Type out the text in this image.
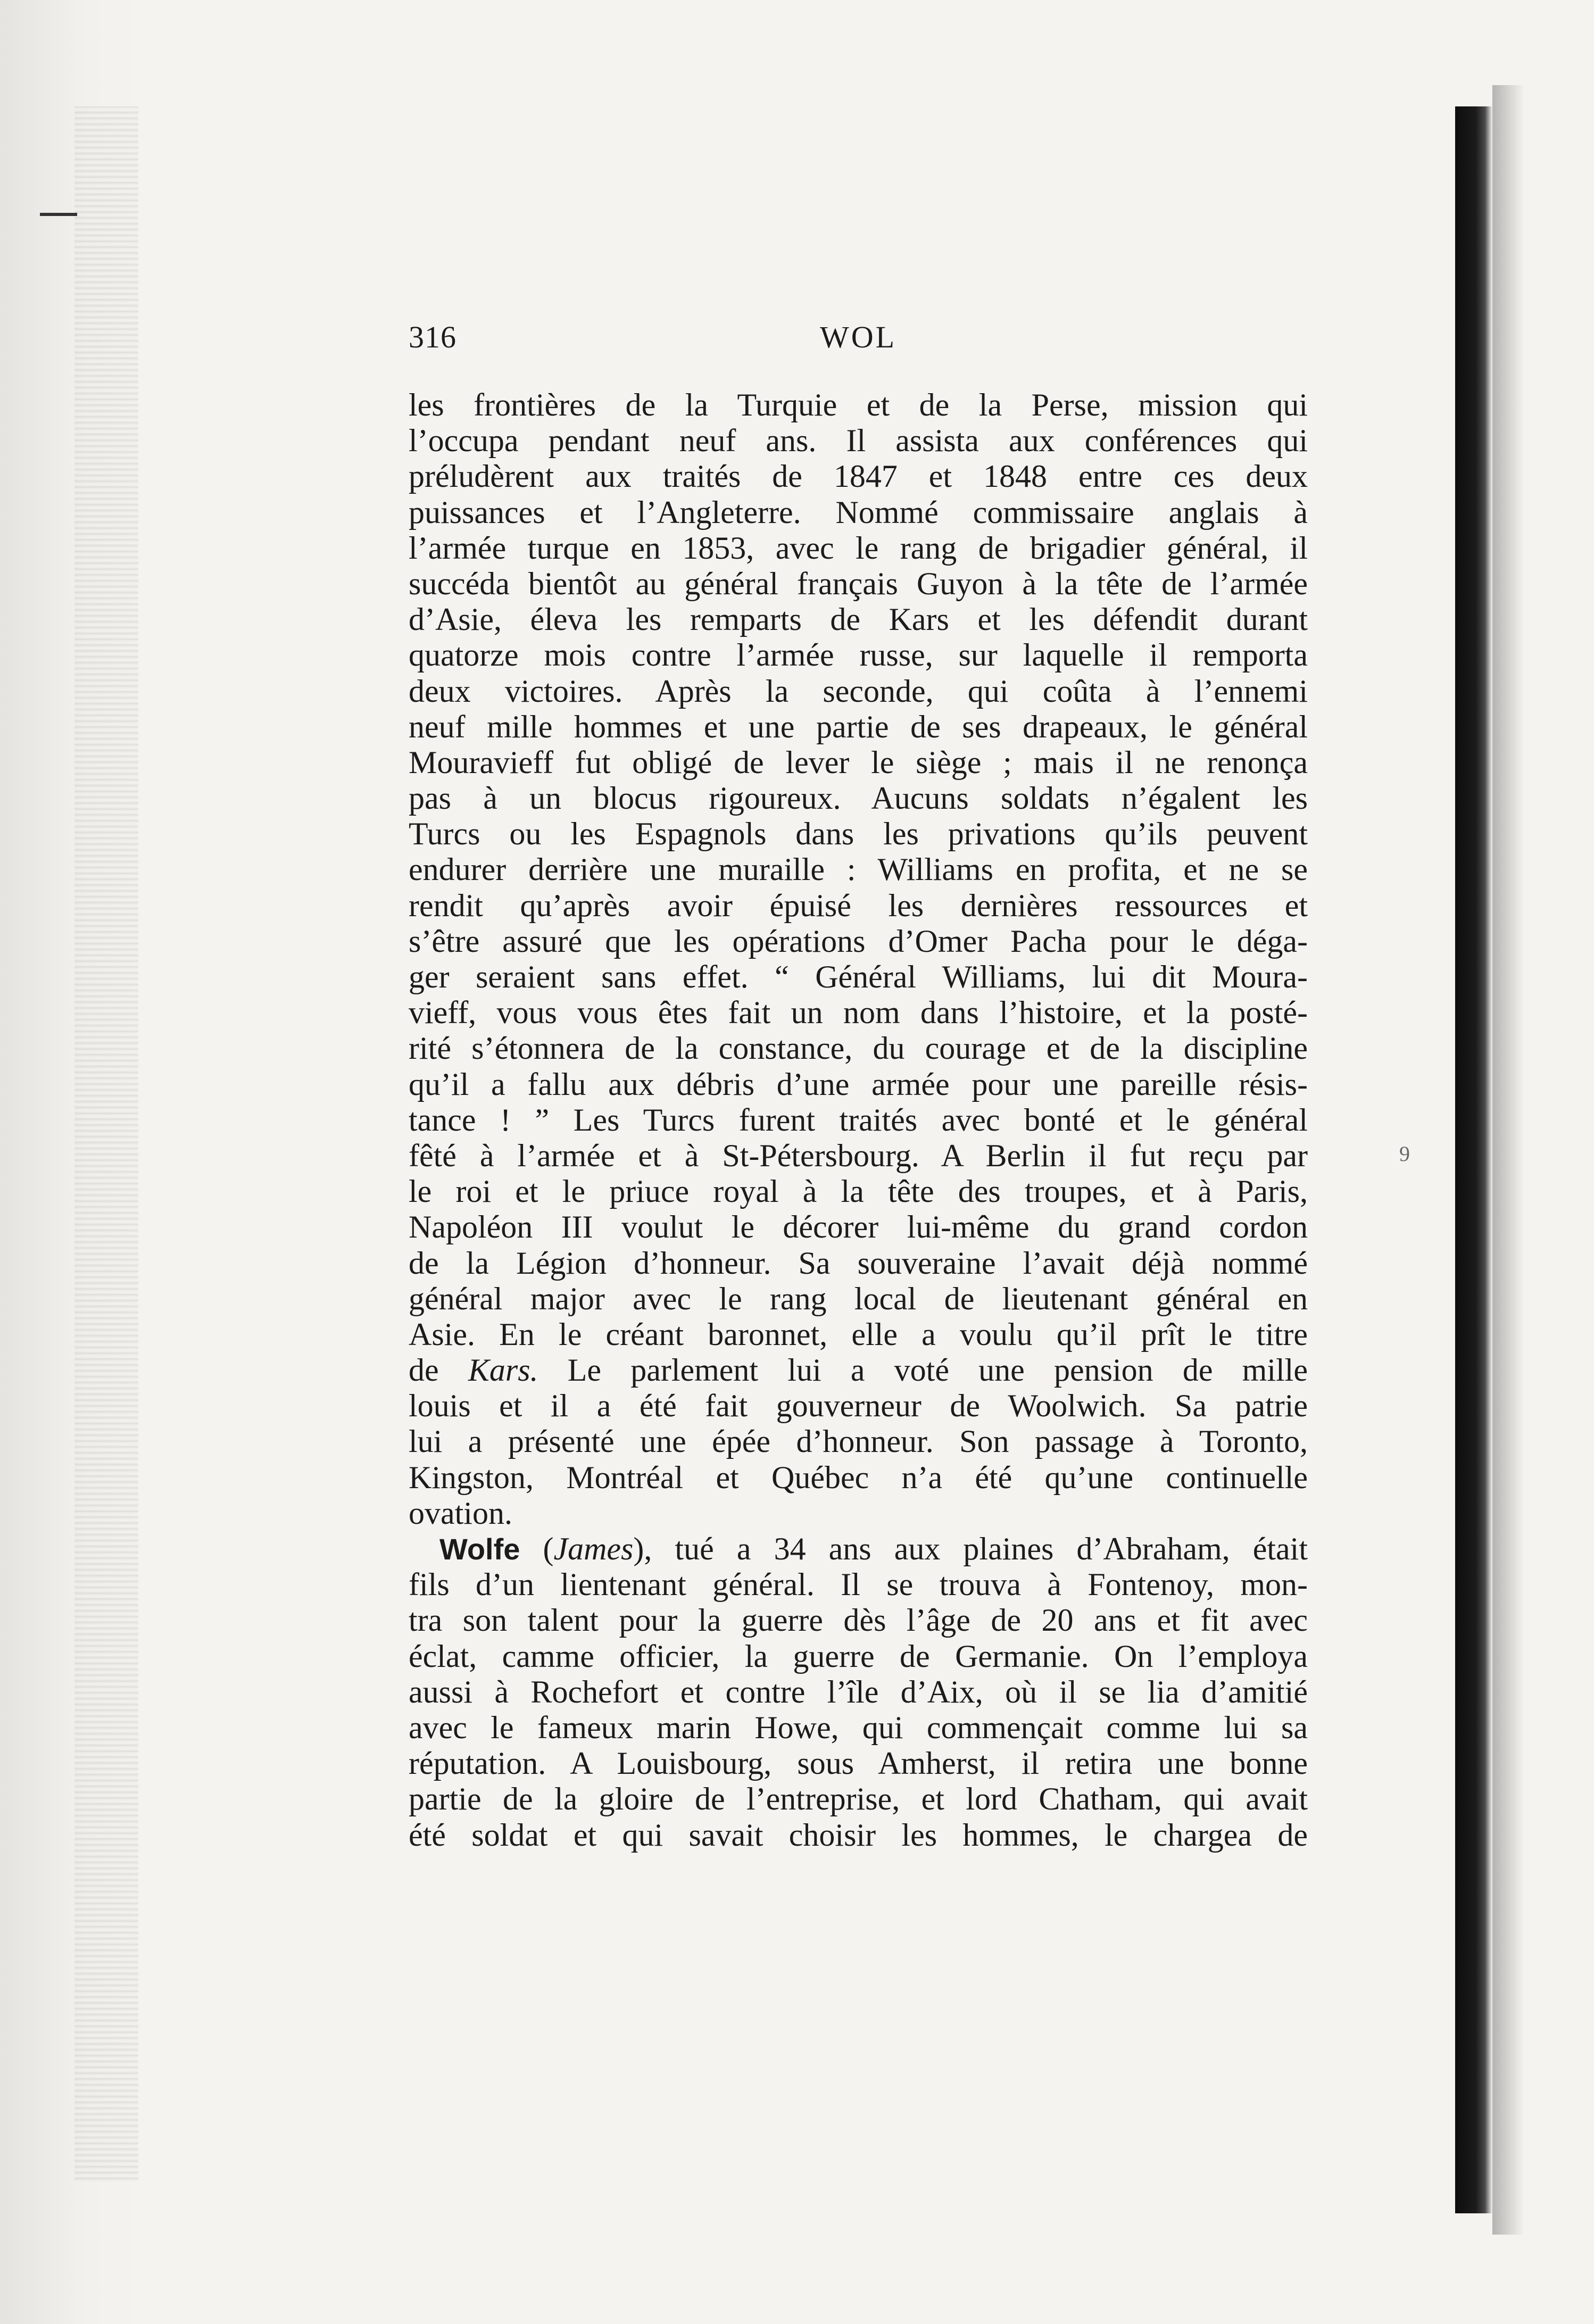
9
316	WOL
les frontières de la Turquie et de la Perse, mission qui
l’occupa pendant neuf ans. Il assista aux conférences qui
préludèrent aux traités de 1847 et 1848 entre ces deux
puissances et l’Angleterre. Nommé commissaire anglais à
l’armée turque en 1853, avec le rang de brigadier général, il
succéda bientôt au général français Guyon à la tête de l’armée
d’Asie, éleva les remparts de Kars et les défendit durant
quatorze mois contre l’armée russe, sur laquelle il remporta
deux victoires. Après la seconde, qui coûta à l’ennemi
neuf mille hommes et une partie de ses drapeaux, le général
Mouravieff fut obligé de lever le siège ; mais il ne renonça
pas à un blocus rigoureux. Aucuns soldats n’égalent les
Turcs ou les Espagnols dans les privations qu’ils peuvent
endurer derrière une muraille : Williams en profita, et ne se
rendit qu’après avoir épuisé les dernières ressources et
s’être assuré que les opérations d’Omer Pacha pour le déga-
ger seraient sans effet. “ Général Williams, lui dit Moura-
vieff, vous vous êtes fait un nom dans l’histoire, et la posté-
rité s’étonnera de la constance, du courage et de la discipline
qu’il a fallu aux débris d’une armée pour une pareille résis-
tance ! ” Les Turcs furent traités avec bonté et le général
fêté à l’armée et à St-Pétersbourg. A Berlin il fut reçu par
le roi et le priuce royal à la tête des troupes, et à Paris,
Napoléon III voulut le décorer lui-même du grand cordon
de la Légion d’honneur. Sa souveraine l’avait déjà nommé
général major avec le rang local de lieutenant général en
Asie. En le créant baronnet, elle a voulu qu’il prît le titre
de Kars. Le parlement lui a voté une pension de mille
louis et il a été fait gouverneur de Woolwich. Sa patrie
lui a présenté une épée d’honneur. Son passage à Toronto,
Kingston, Montréal et Québec n’a été qu’une continuelle
ovation.
Wolfe (James), tué a 34 ans aux plaines d’Abraham, était
fils d’un lientenant général. Il se trouva à Fontenoy, mon-
tra son talent pour la guerre dès l’âge de 20 ans et fit avec
éclat, camme officier, la guerre de Germanie. On l’employa
aussi à Rochefort et contre l’île d’Aix, où il se lia d’amitié
avec le fameux marin Howe, qui commençait comme lui sa
réputation. A Louisbourg, sous Amherst, il retira une bonne
partie de la gloire de l’entreprise, et lord Chatham, qui avait
été soldat et qui savait choisir les hommes, le chargea de
